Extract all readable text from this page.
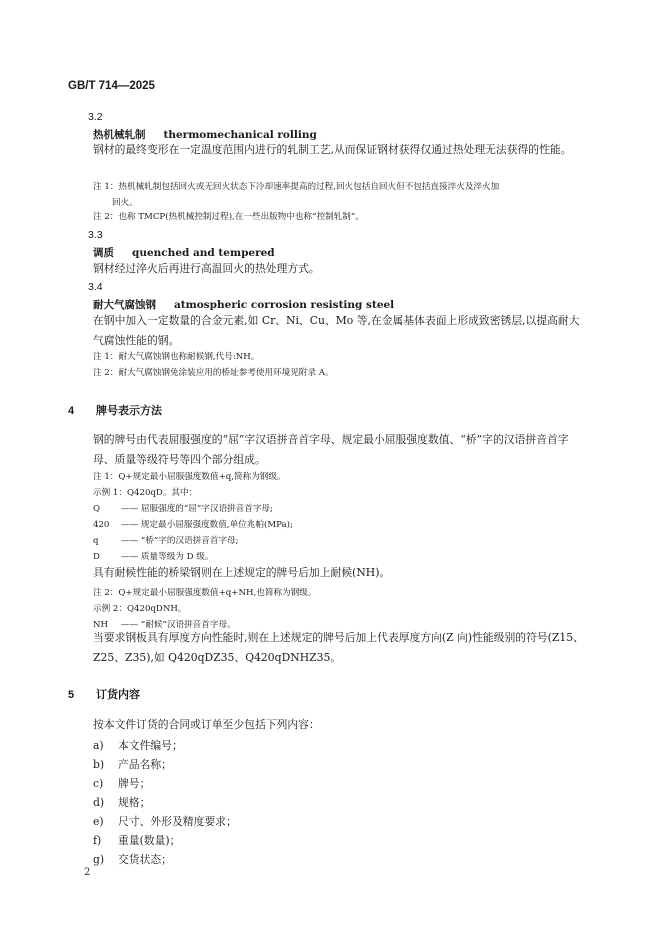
GB/T 714—2025
3.2
热机械轧制 thermomechanical rolling
钢材的最终变形在一定温度范围内进行的轧制工艺,从而保证钢材获得仅通过热处理无法获得的性能。
注 1：热机械轧制包括回火或无回火状态下冷却速率提高的过程,回火包括自回火但不包括直接淬火及淬火加
回火。
注 2：也称 TMCP(热机械控制过程),在一些出版物中也称“控制轧制”。
3.3
调质 quenched and tempered
钢材经过淬火后再进行高温回火的热处理方式。
3.4
耐大气腐蚀钢 atmospheric corrosion resisting steel
在钢中加入一定数量的合金元素,如 Cr、Ni、Cu、Mo 等,在金属基体表面上形成致密锈层,以提高耐大气腐蚀性能的钢。
注 1：耐大气腐蚀钢也称耐候钢,代号:NH。
注 2：耐大气腐蚀钢免涂装应用的桥址参考使用环境见附录 A。
4 牌号表示方法
钢的牌号由代表屈服强度的“屈”字汉语拼音首字母、规定最小屈服强度数值、“桥”字的汉语拼音首字母、质量等级符号等四个部分组成。
注 1：Q+规定最小屈服强度数值+q,简称为钢级。
示例 1：Q420qD。其中：
Q	—— 屈服强度的“屈”字汉语拼音首字母;
420 —— 规定最小屈服强度数值,单位兆帕(MPa);
q	—— “桥”字的汉语拼音首字母;
D —— 质量等级为 D 级。
具有耐候性能的桥梁钢则在上述规定的牌号后加上耐候(NH)。
注 2：Q+规定最小屈服强度数值+q+NH,也简称为钢级。
示例 2：Q420qDNH。
NH	—— “耐候”汉语拼音首字母。
当要求钢板具有厚度方向性能时,则在上述规定的牌号后加上代表厚度方向(Z 向)性能级别的符号(Z15、Z25、Z35),如 Q420qDZ35、Q420qDNHZ35。
5 订货内容
按本文件订货的合同或订单至少包括下列内容：
a) 本文件编号；
b) 产品名称；
c) 牌号；
d) 规格；
e) 尺寸、外形及精度要求；
f) 重量(数量)；
g) 交货状态；
2
